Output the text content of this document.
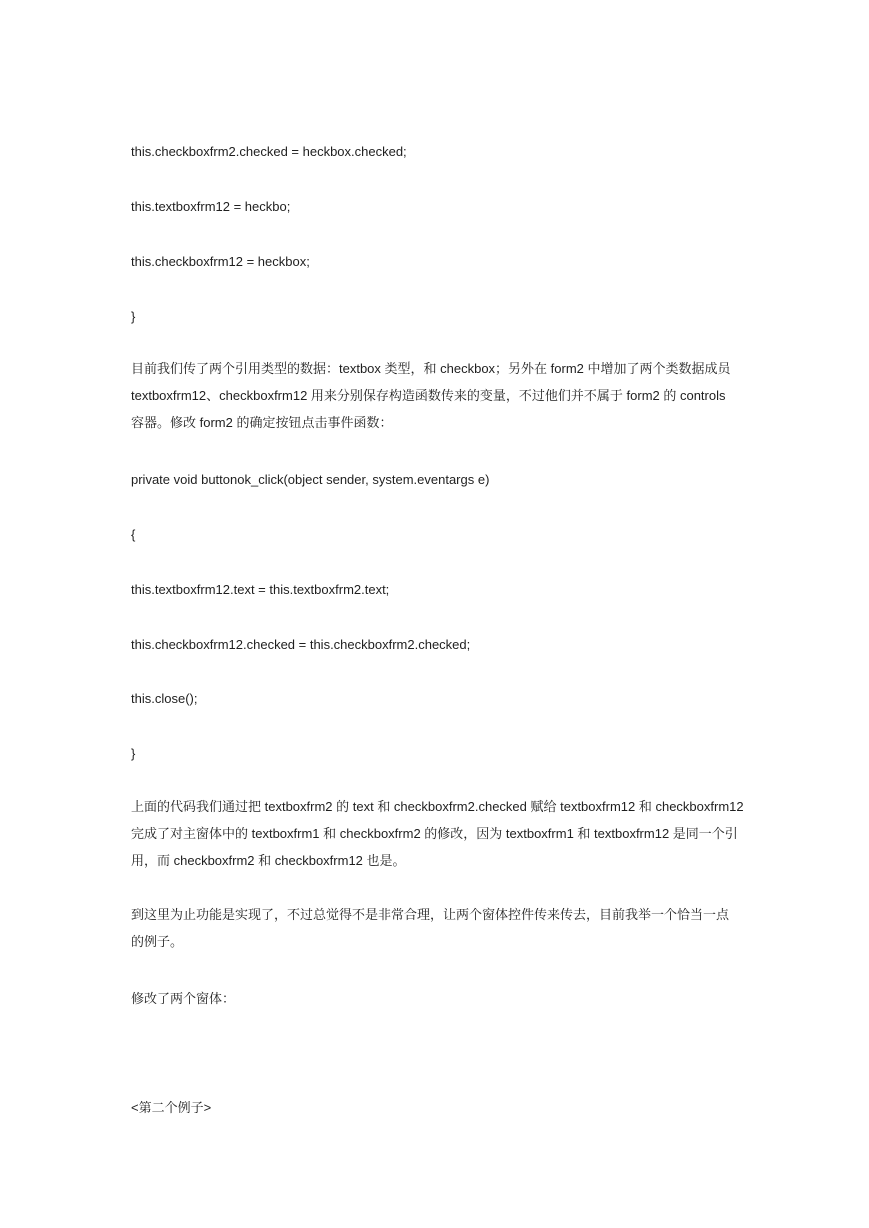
this.checkboxfrm2.checked = heckbox.checked;
this.textboxfrm12 = heckbo;
this.checkboxfrm12 = heckbox;
}
目前我们传了两个引用类型的数据：textbox 类型，和 checkbox；另外在 form2 中增加了两个类数据成员
textboxfrm12、checkboxfrm12 用来分别保存构造函数传来的变量，不过他们并不属于 form2 的 controls
容器。修改 form2 的确定按钮点击事件函数：
private void buttonok_click(object sender, system.eventargs e)
{
this.textboxfrm12.text = this.textboxfrm2.text;
this.checkboxfrm12.checked = this.checkboxfrm2.checked;
this.close();
}
上面的代码我们通过把 textboxfrm2 的 text 和 checkboxfrm2.checked 赋给 textboxfrm12 和 checkboxfrm12
完成了对主窗体中的 textboxfrm1 和 checkboxfrm2 的修改，因为 textboxfrm1 和 textboxfrm12 是同一个引
用，而 checkboxfrm2 和 checkboxfrm12 也是。
到这里为止功能是实现了，不过总觉得不是非常合理，让两个窗体控件传来传去，目前我举一个恰当一点
的例子。
修改了两个窗体：
<第二个例子>
